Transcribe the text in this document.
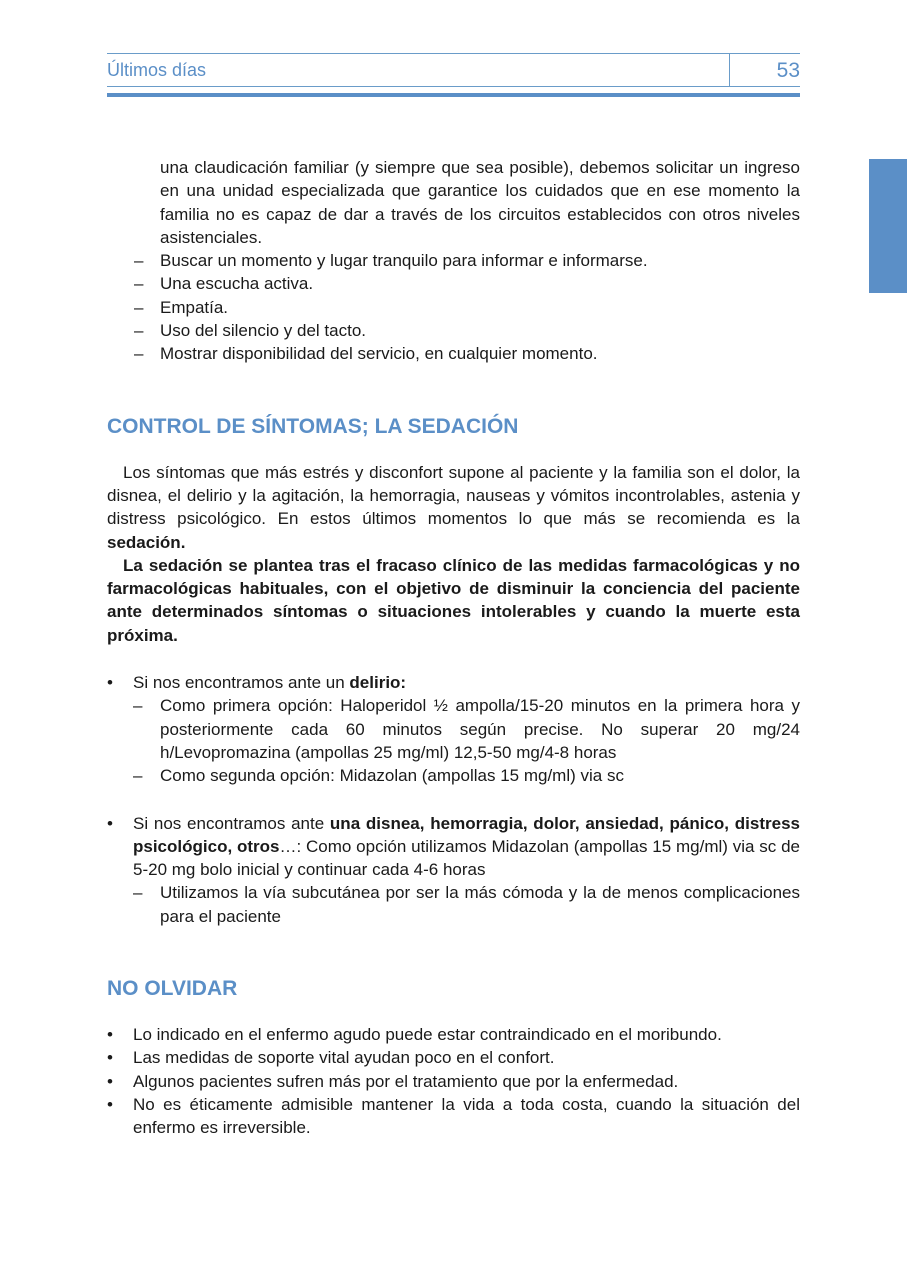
Últimos días	53

una claudicación familiar (y siempre que sea posible), debemos solicitar un ingreso en una unidad especializada que garantice los cuidados que en ese momento la familia no es capaz de dar a través de los circuitos establecidos con otros niveles asistenciales.

– Buscar un momento y lugar tranquilo para informar e informarse.
– Una escucha activa.
– Empatía.
– Uso del silencio y del tacto.
– Mostrar disponibilidad del servicio, en cualquier momento.
CONTROL DE SÍNTOMAS; LA SEDACIÓN

Los síntomas que más estrés y disconfort supone al paciente y la familia son el dolor, la disnea, el delirio y la agitación, la hemorragia, nauseas y vómitos incontrolables, astenia y distress psicológico. En estos últimos momentos lo que más se recomienda es la sedación.

La sedación se plantea tras el fracaso clínico de las medidas farmacológicas y no farmacológicas habituales, con el objetivo de disminuir la conciencia del paciente ante determinados síntomas o situaciones intolerables y cuando la muerte esta próxima.

• Si nos encontramos ante un delirio:
– Como primera opción: Haloperidol ½ ampolla/15-20 minutos en la primera hora y posteriormente cada 60 minutos según precise. No superar 20 mg/24 h/Levopromazina (ampollas 25 mg/ml) 12,5-50 mg/4-8 horas
– Como segunda opción: Midazolan (ampollas 15 mg/ml) via sc
• Si nos encontramos ante una disnea, hemorragia, dolor, ansiedad, pánico, distress psicológico, otros…: Como opción utilizamos Midazolan (ampollas 15 mg/ml) via sc de 5-20 mg bolo inicial y continuar cada 4-6 horas
– Utilizamos la vía subcutánea por ser la más cómoda y la de menos complicaciones para el paciente
NO OLVIDAR
• Lo indicado en el enfermo agudo puede estar contraindicado en el moribundo.
• Las medidas de soporte vital ayudan poco en el confort.
• Algunos pacientes sufren más por el tratamiento que por la enfermedad.
• No es éticamente admisible mantener la vida a toda costa, cuando la situación del enfermo es irreversible.
